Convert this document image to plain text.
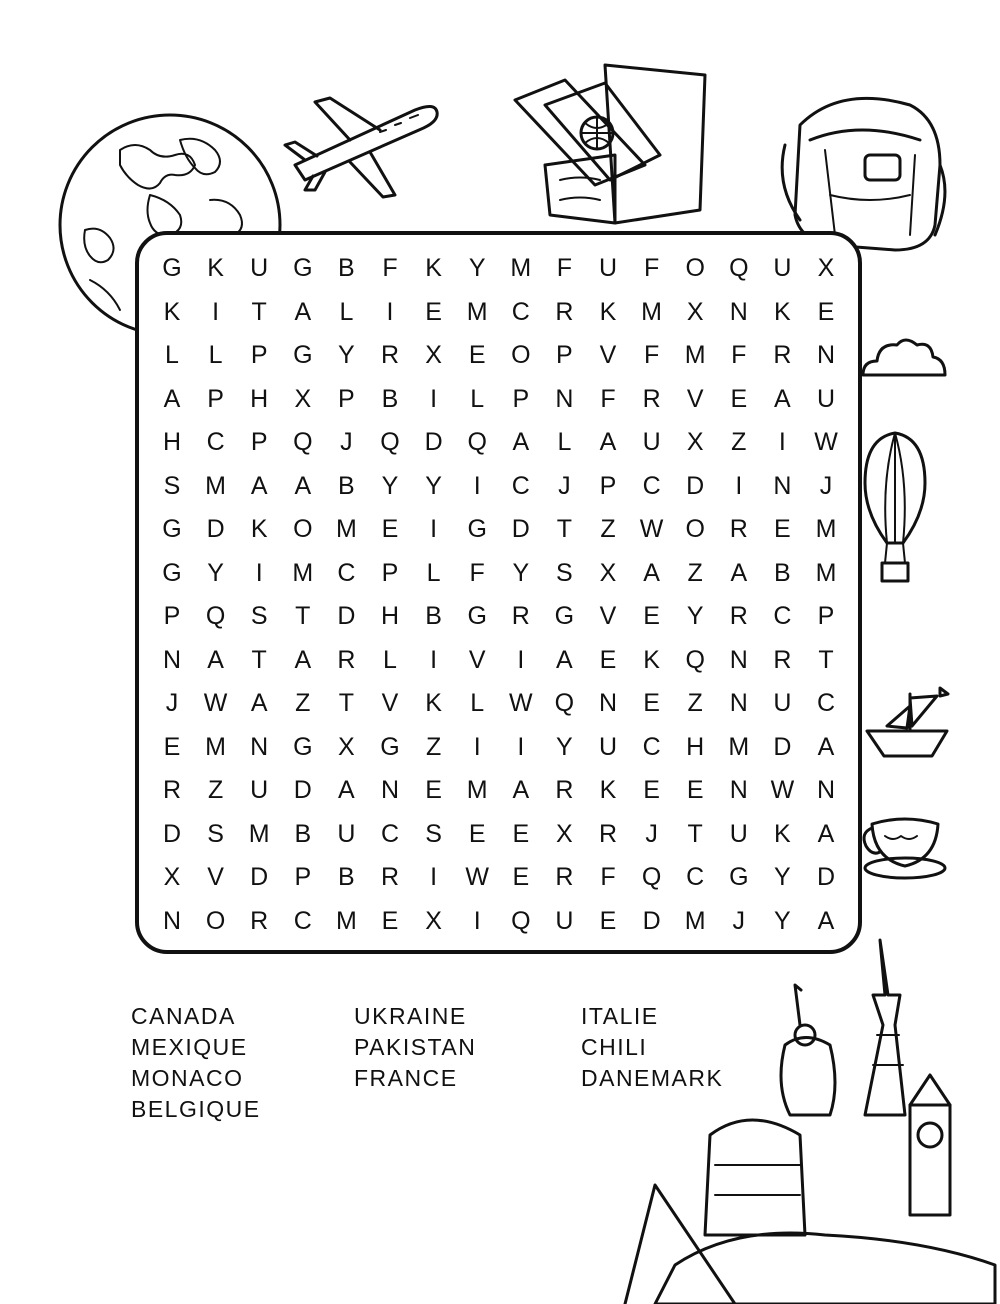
G	K	U G	B	F	K	Y M	F	U	F	O Q U	X
K	I	T	A	L	I	E M C	R	K M X	N	K	E
L	L	P	G	Y	R	X	E	O	P	V	F	M	F	R	N
A	P	H	X	P	B	I	L	P	N	F	R	V	E	A	U
H	C	P	Q	J	Q D Q	A	L	A	U	X	Z	I	W
S M A	A	B	Y	Y	I	C	J	P	C	D	I	N	J
G D	K	O M E	I	G D	T	Z W O R	E M
G	Y	I	M C	P	L	F	Y	S	X	A	Z	A	B M
P	Q	S	T	D	H	B	G R G	V	E	Y	R	C	P
N	A	T	A	R	L	I	V	I	A	E	K	Q N	R	T
J	W A	Z	T	V	K	L W Q N	E	Z	N	U	C
E M N G	X	G	Z	I	I	Y	U	C	H M D	A
R	Z	U	D	A	N	E M A	R	K	E	E	N W N
D	S M B	U	C	S	E	E	X	R	J	T	U	K	A
X	V	D	P	B	R	I	W E	R	F	Q C G	Y	D
N O R	C M E	X	I	Q U	E	D M	J	Y	A
CANADA
MEXIQUE
MONACO
BELGIQUE
UKRAINE
PAKISTAN
FRANCE
ITALIE
CHILI
DANEMARK
